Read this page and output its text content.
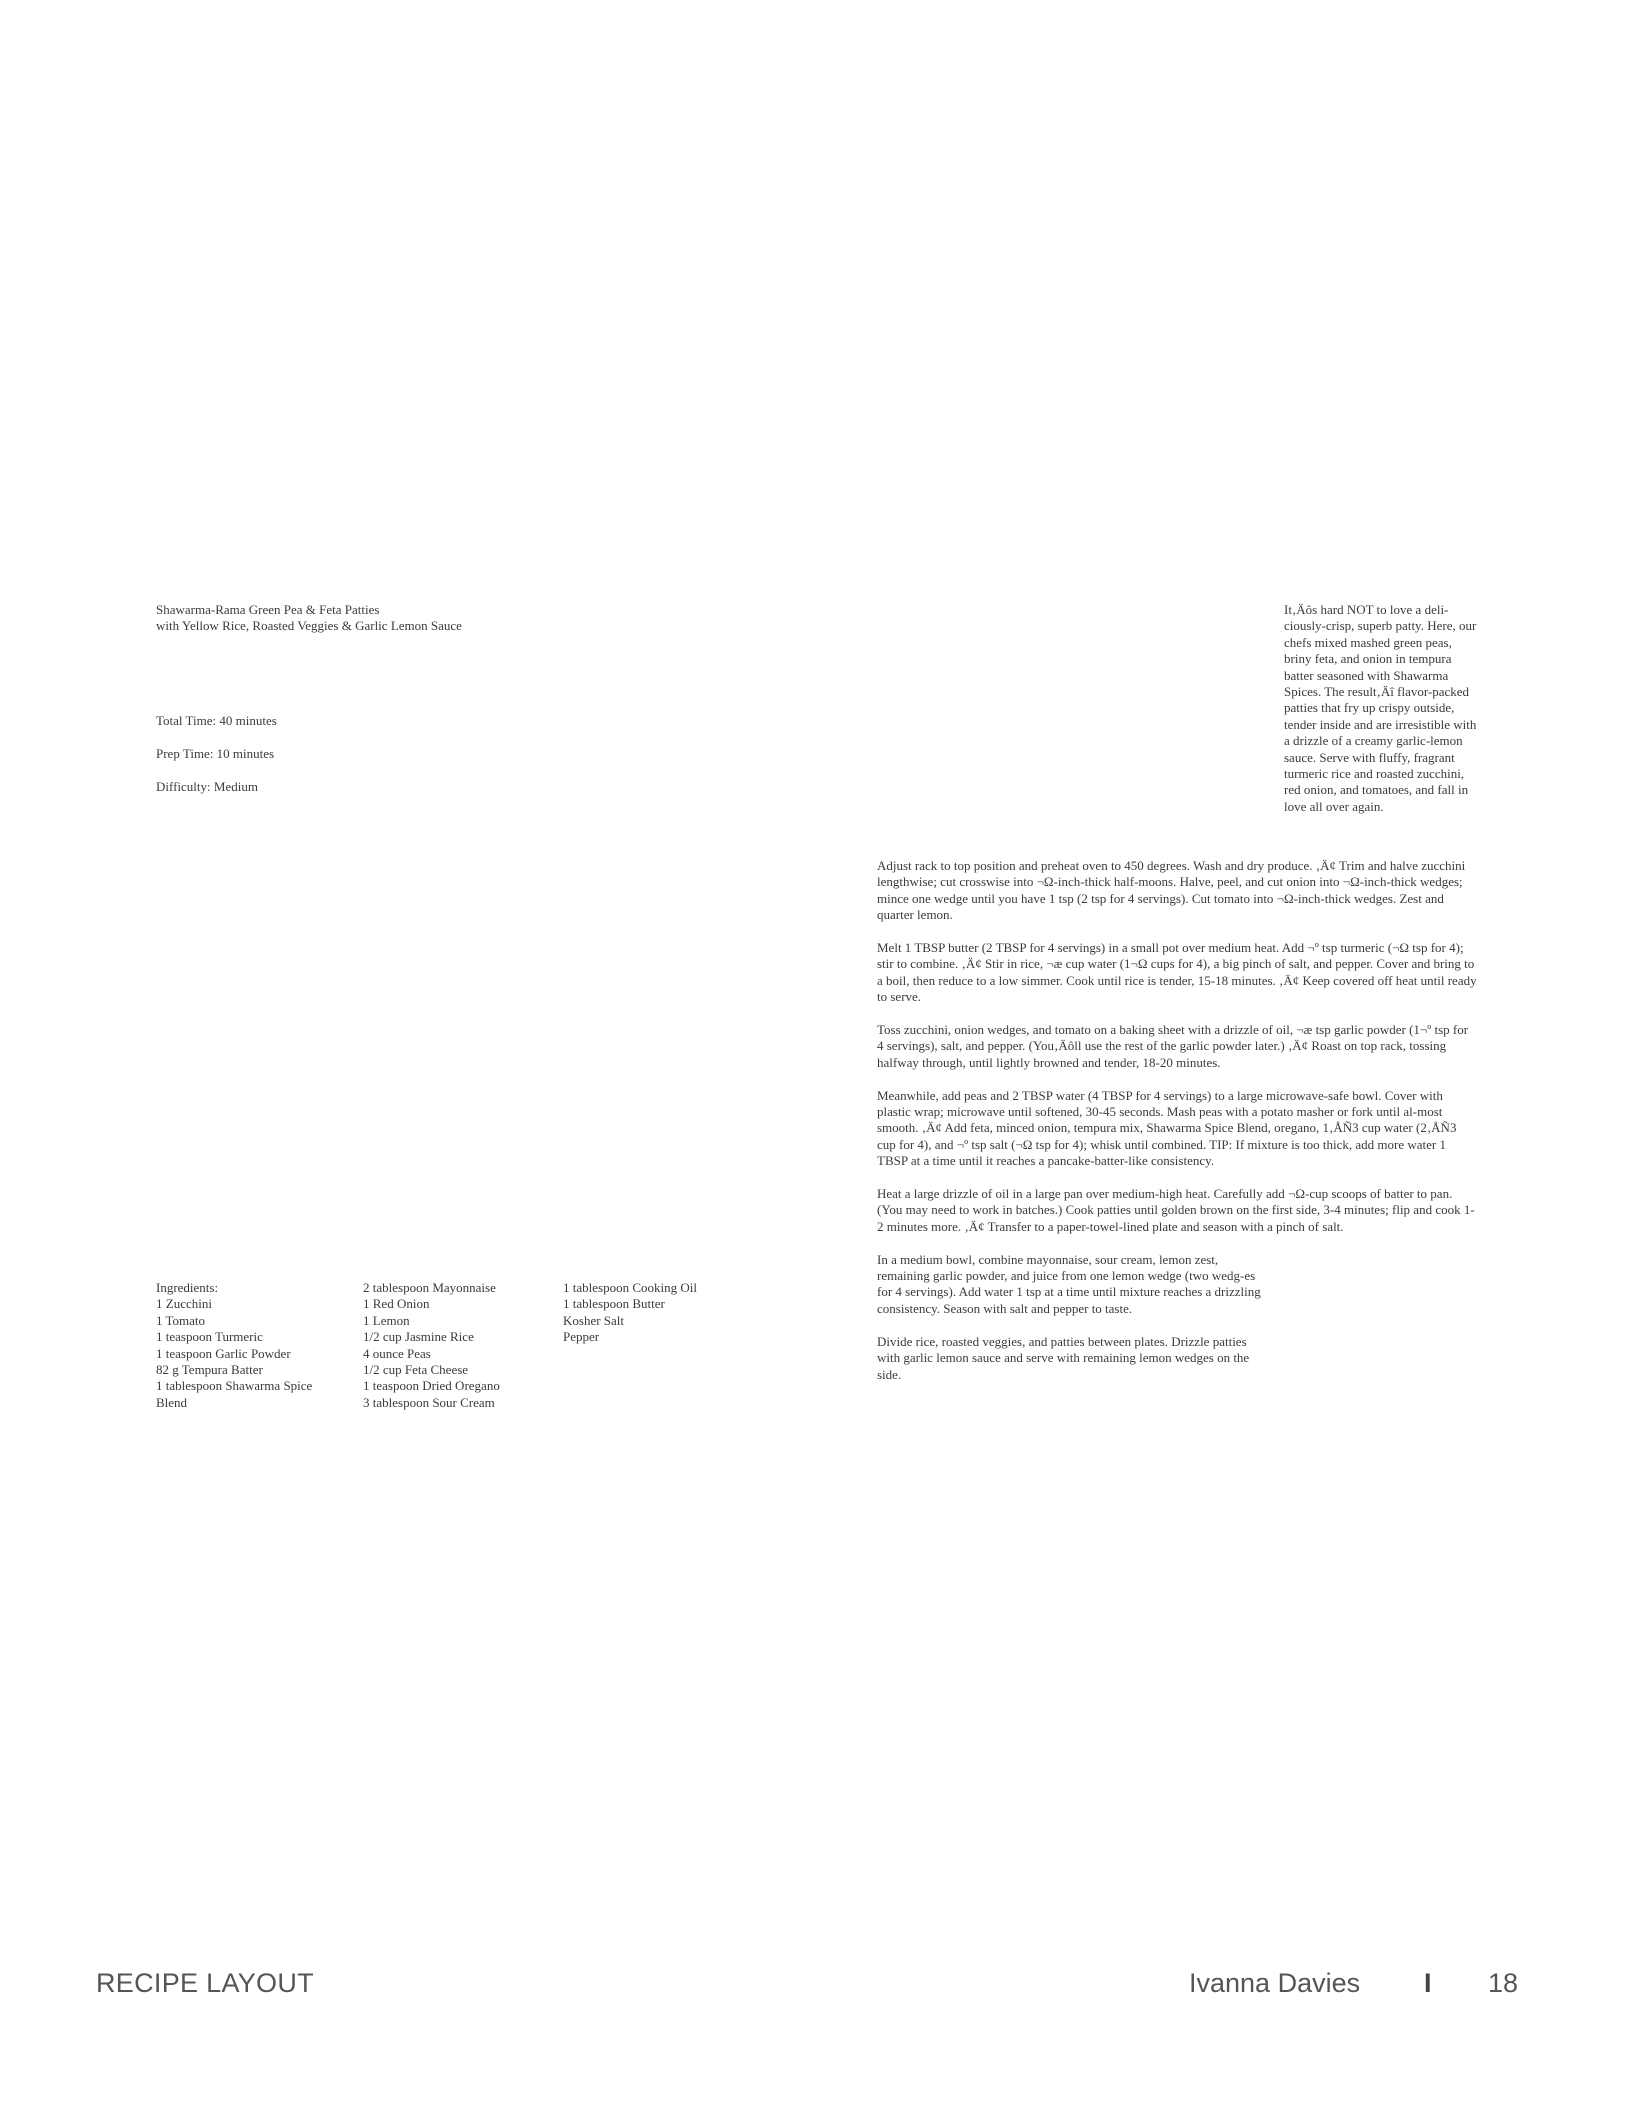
Shawarma-Rama Green Pea & Feta Patties
with Yellow Rice, Roasted Veggies & Garlic Lemon Sauce
Total Time: 40 minutes
Prep Time: 10 minutes
Difficulty: Medium

It‚Äôs hard NOT to love a deli-ciously-crisp, superb patty. Here, our chefs mixed mashed green peas, briny feta, and onion in tempura batter seasoned with Shawarma Spices. The result‚Äî flavor-packed patties that fry up crispy outside, tender inside and are irresistible with a drizzle of a creamy garlic-lemon sauce. Serve with fluffy, fragrant turmeric rice and roasted zucchini, red onion, and tomatoes, and fall in love all over again.

Adjust rack to top position and preheat oven to 450 degrees. Wash and dry produce. ‚Ä¢ Trim and halve zucchini lengthwise; cut crosswise into ¬Ω-inch-thick half-moons. Halve, peel, and cut onion into ¬Ω-inch-thick wedges; mince one wedge until you have 1 tsp (2 tsp for 4 servings). Cut tomato into ¬Ω-inch-thick wedges. Zest and quarter lemon.

Melt 1 TBSP butter (2 TBSP for 4 servings) in a small pot over medium heat. Add ¬º tsp turmeric (¬Ω tsp for 4); stir to combine. ‚Ä¢ Stir in rice, ¬æ cup water (1¬Ω cups for 4), a big pinch of salt, and pepper. Cover and bring to a boil, then reduce to a low simmer. Cook until rice is tender, 15-18 minutes. ‚Ä¢ Keep covered off heat until ready to serve.

Toss zucchini, onion wedges, and tomato on a baking sheet with a drizzle of oil, ¬æ tsp garlic powder (1¬º tsp for 4 servings), salt, and pepper. (You‚Äôll use the rest of the garlic powder later.) ‚Ä¢ Roast on top rack, tossing halfway through, until lightly browned and tender, 18-20 minutes.

Meanwhile, add peas and 2 TBSP water (4 TBSP for 4 servings) to a large microwave-safe bowl. Cover with plastic wrap; microwave until softened, 30-45 seconds. Mash peas with a potato masher or fork until al-most smooth. ‚Ä¢ Add feta, minced onion, tempura mix, Shawarma Spice Blend, oregano, 1‚ÅÑ3 cup water (2‚ÅÑ3 cup for 4), and ¬º tsp salt (¬Ω tsp for 4); whisk until combined. TIP: If mixture is too thick, add more water 1 TBSP at a time until it reaches a pancake-batter-like consistency.

Heat a large drizzle of oil in a large pan over medium-high heat. Carefully add ¬Ω-cup scoops of batter to pan. (You may need to work in batches.) Cook patties until golden brown on the first side, 3-4 minutes; flip and cook 1-2 minutes more. ‚Ä¢ Transfer to a paper-towel-lined plate and season with a pinch of salt.

In a medium bowl, combine mayonnaise, sour cream, lemon zest, remaining garlic powder, and juice from one lemon wedge (two wedg-es for 4 servings). Add water 1 tsp at a time until mixture reaches a drizzling consistency. Season with salt and pepper to taste.

Divide rice, roasted veggies, and patties between plates. Drizzle patties with garlic lemon sauce and serve with remaining lemon wedges on the side.

Ingredients:
1 Zucchini
1 Tomato
1 teaspoon Turmeric
1 teaspoon Garlic Powder
82 g Tempura Batter
1 tablespoon Shawarma Spice Blend
2 tablespoon Mayonnaise
1 Red Onion
1 Lemon
1/2 cup Jasmine Rice
4 ounce Peas
1/2 cup Feta Cheese
1 teaspoon Dried Oregano
3 tablespoon Sour Cream
1 tablespoon Cooking Oil
1 tablespoon Butter
Kosher Salt
Pepper
RECIPE LAYOUT	Ivanna Davies I 18
